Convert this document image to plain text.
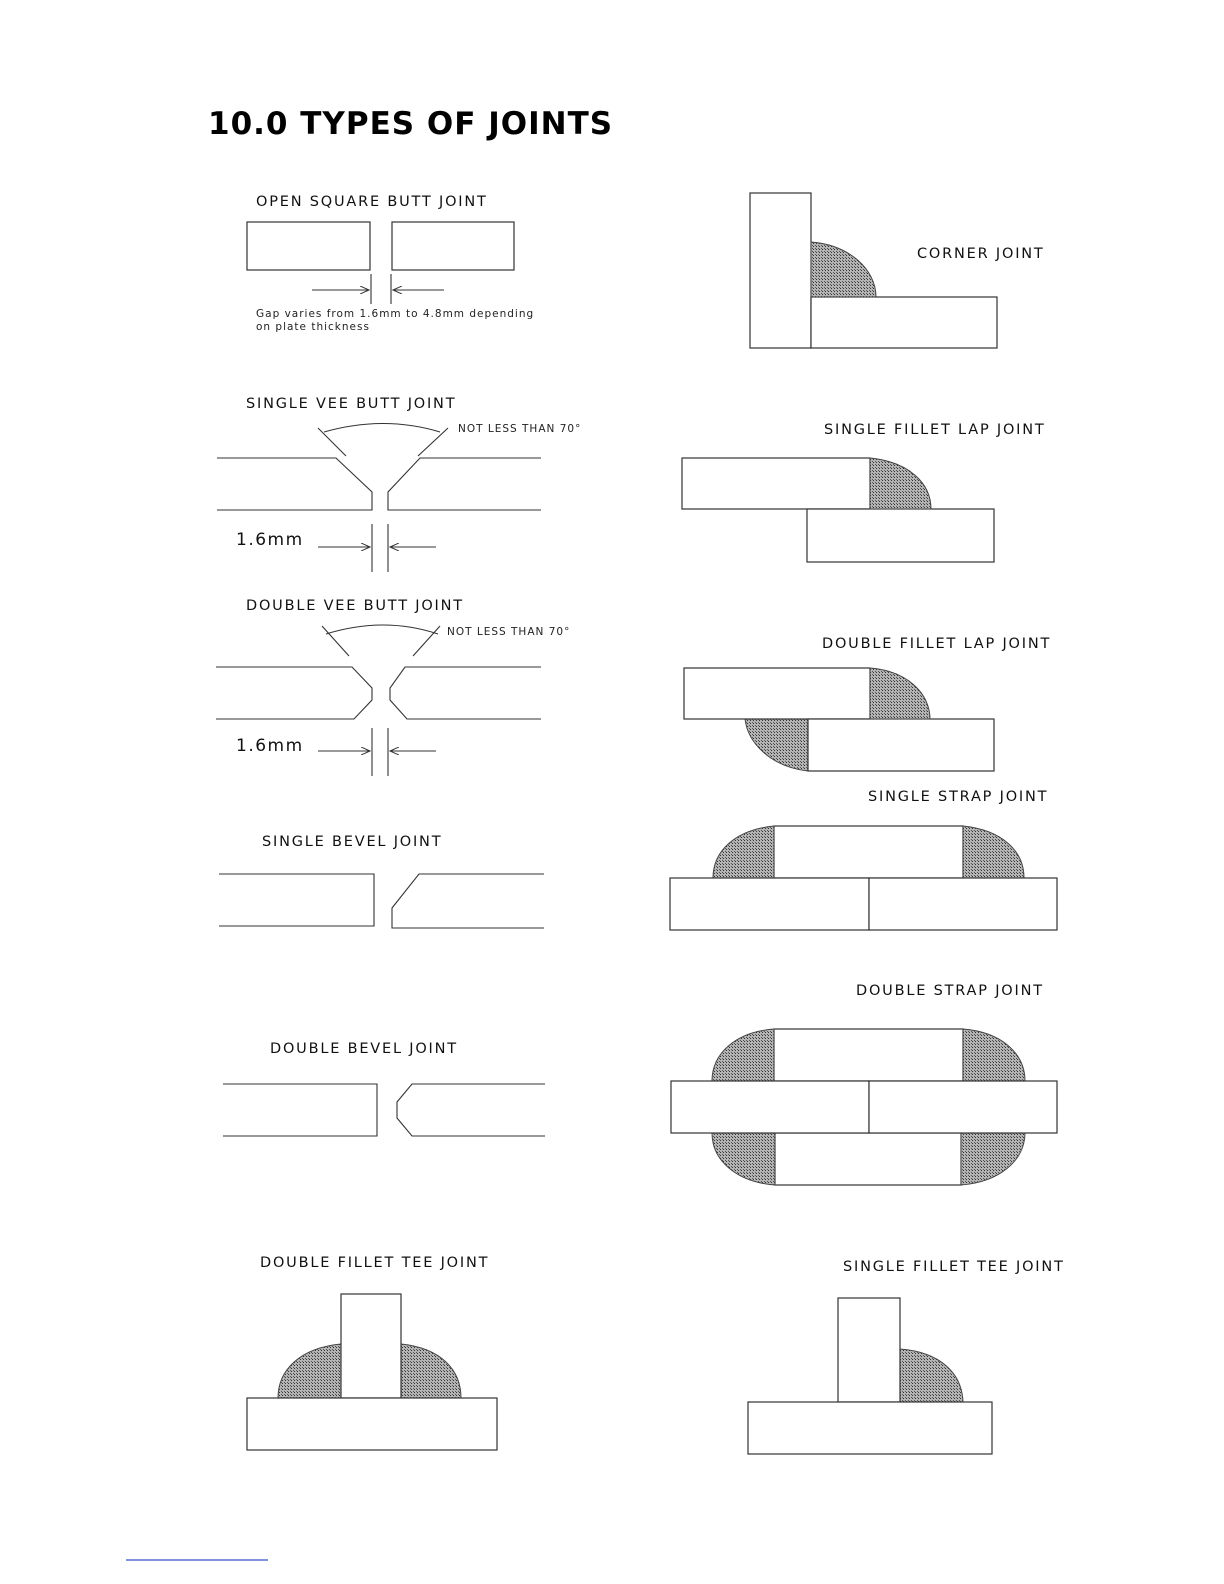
10.0 TYPES OF JOINTS
OPEN SQUARE BUTT JOINT
Gap varies from 1.6mm to 4.8mm depending
on plate thickness
CORNER JOINT
SINGLE VEE BUTT JOINT
NOT LESS THAN 70°
1.6mm
SINGLE FILLET LAP JOINT
DOUBLE VEE BUTT JOINT
NOT LESS THAN 70°
1.6mm
DOUBLE FILLET LAP JOINT
SINGLE STRAP JOINT
SINGLE BEVEL JOINT
DOUBLE STRAP JOINT
DOUBLE BEVEL JOINT
DOUBLE FILLET TEE JOINT	SINGLE FILLET TEE JOINT
